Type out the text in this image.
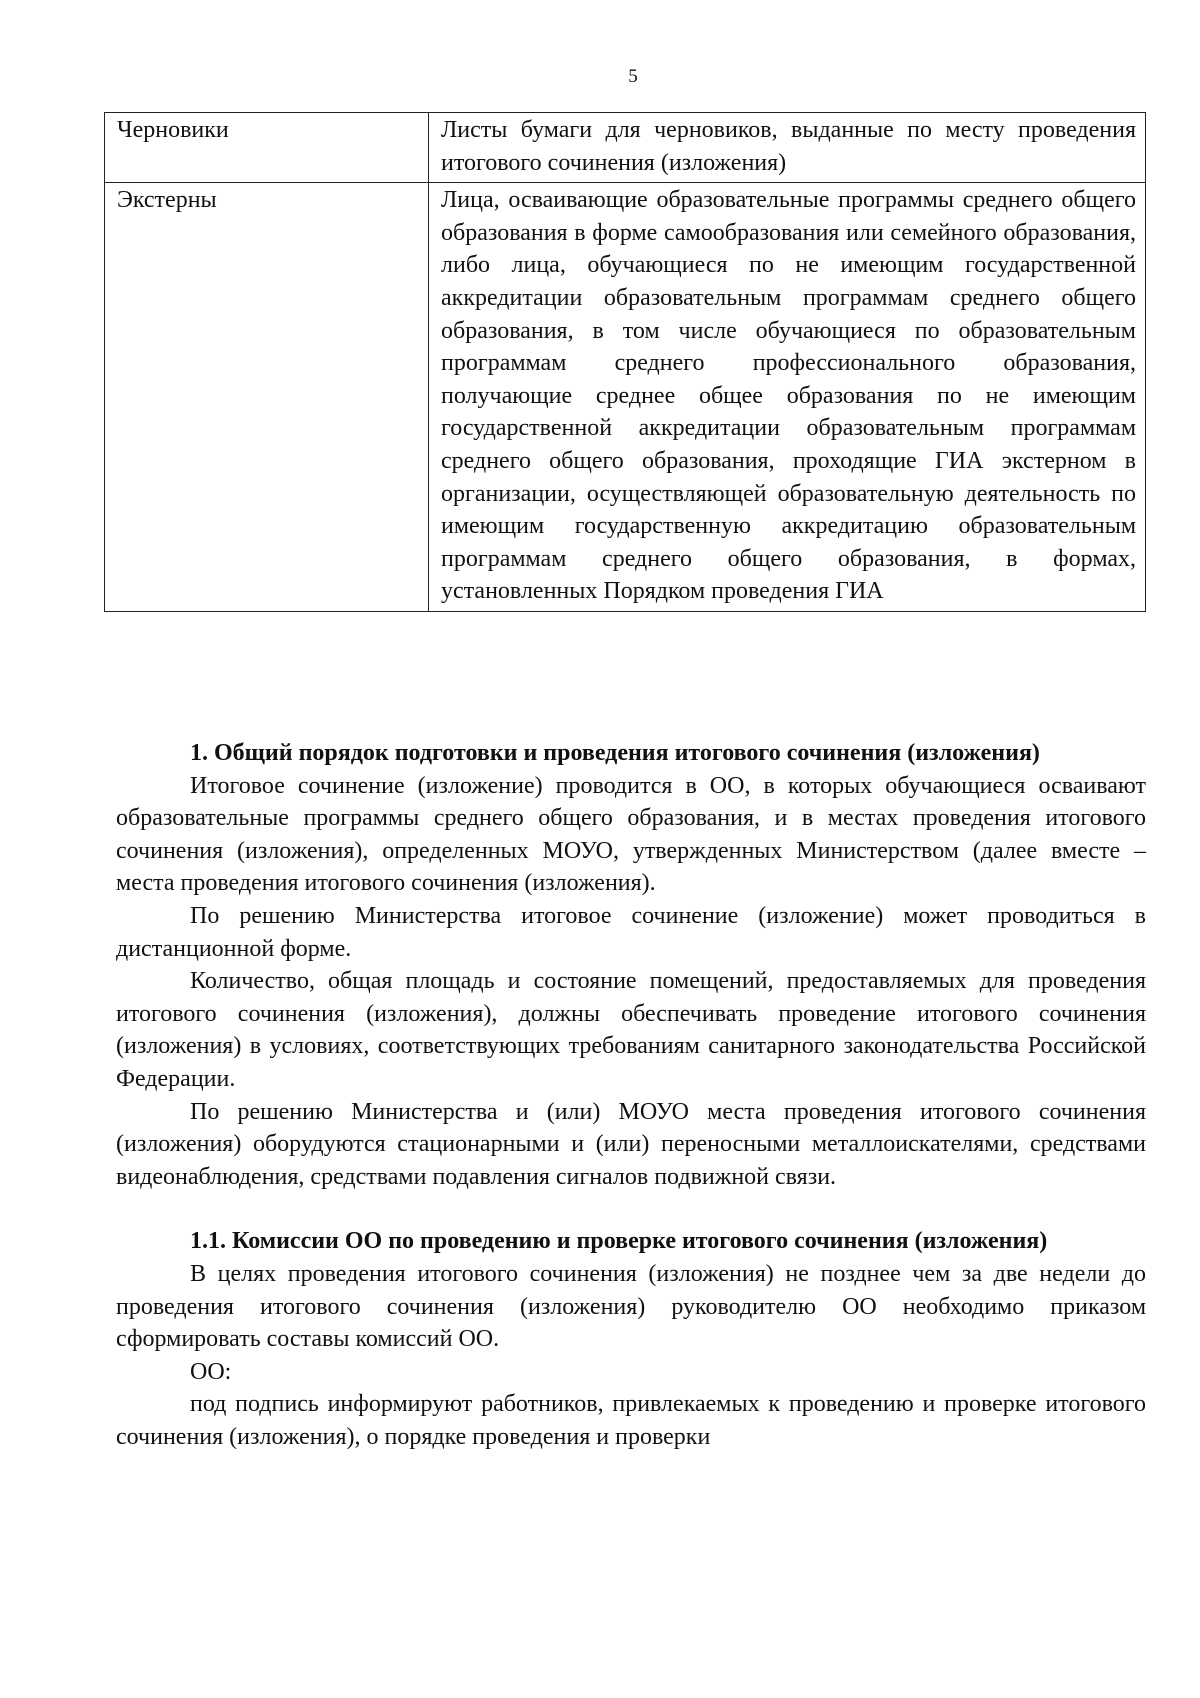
5
Черновики	Листы бумаги для черновиков, выданные по месту проведения итогового сочинения (изложения)
Экстерны	Лица, осваивающие образовательные программы среднего общего образования в форме самообразования или семейного образования, либо лица, обучающиеся по не имеющим государственной аккредитации образовательным программам среднего общего образования, в том числе обучающиеся по образовательным программам среднего профессионального образования, получающие среднее общее образования по не имеющим государственной аккредитации образовательным программам среднего общего образования, проходящие ГИА экстерном в организации, осуществляющей образовательную деятельность по имеющим государственную аккредитацию образовательным программам среднего общего образования, в формах, установленных Порядком проведения ГИА
1. Общий порядок подготовки и проведения итогового сочинения (изложения)

Итоговое сочинение (изложение) проводится в ОО, в которых обучающиеся осваивают образовательные программы среднего общего образования, и в местах проведения итогового сочинения (изложения), определенных МОУО, утвержденных Министерством (далее вместе – места проведения итогового сочинения (изложения).

По решению Министерства итоговое сочинение (изложение) может проводиться в дистанционной форме.

Количество, общая площадь и состояние помещений, предоставляемых для проведения итогового сочинения (изложения), должны обеспечивать проведение итогового сочинения (изложения) в условиях, соответствующих требованиям санитарного законодательства Российской Федерации.

По решению Министерства и (или) МОУО места проведения итогового сочинения (изложения) оборудуются стационарными и (или) переносными металлоискателями, средствами видеонаблюдения, средствами подавления сигналов подвижной связи.

1.1. Комиссии ОО по проведению и проверке итогового сочинения (изложения)

В целях проведения итогового сочинения (изложения) не позднее чем за две недели до проведения итогового сочинения (изложения) руководителю ОО необходимо приказом сформировать составы комиссий ОО.

ОО:

под подпись информируют работников, привлекаемых к проведению и проверке итогового сочинения (изложения), о порядке проведения и проверки
